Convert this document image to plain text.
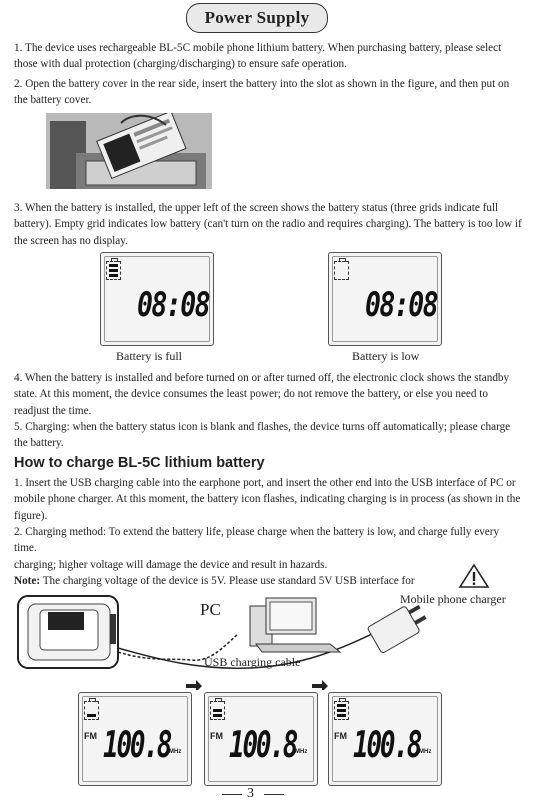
Power Supply

1. The device uses rechargeable BL-5C mobile phone lithium battery. When purchasing battery, please select those with dual protection (charging/discharging) to ensure safe operation.

2. Open the battery cover in the rear side, insert the battery into the slot as shown in the figure, and then put on the battery cover.

3. When the battery is installed, the upper left of the screen shows the battery status (three grids indicate full battery). Empty grid indicates low battery (can't turn on the radio and requires charging). The battery is too low if the screen has no display.

08:08
Battery is full
08:08
Battery is low

4. When the battery is installed and before turned on or after turned off, the electronic clock shows the standby state. At this moment, the device consumes the least power; do not remove the battery, or else you need to readjust the time.

5. Charging: when the battery status icon is blank and flashes, the device turns off automatically; please charge the battery.

How to charge BL-5C lithium battery

1. Insert the USB charging cable into the earphone port, and insert the other end into the USB interface of PC or mobile phone charger. At this moment, the battery icon flashes, indicating charging is in process (as shown in the figure).

2. Charging method: To extend the battery life, please charge when the battery is low, and charge fully every time.

charging; higher voltage will damage the device and result in hazards.

Note: The charging voltage of the device is 5V. Please use standard 5V USB interface for

PC
USB charging cable
Mobile phone charger
FM 100.8
MHz
FM 100.8
MHz
FM 100.8
MHz
3
